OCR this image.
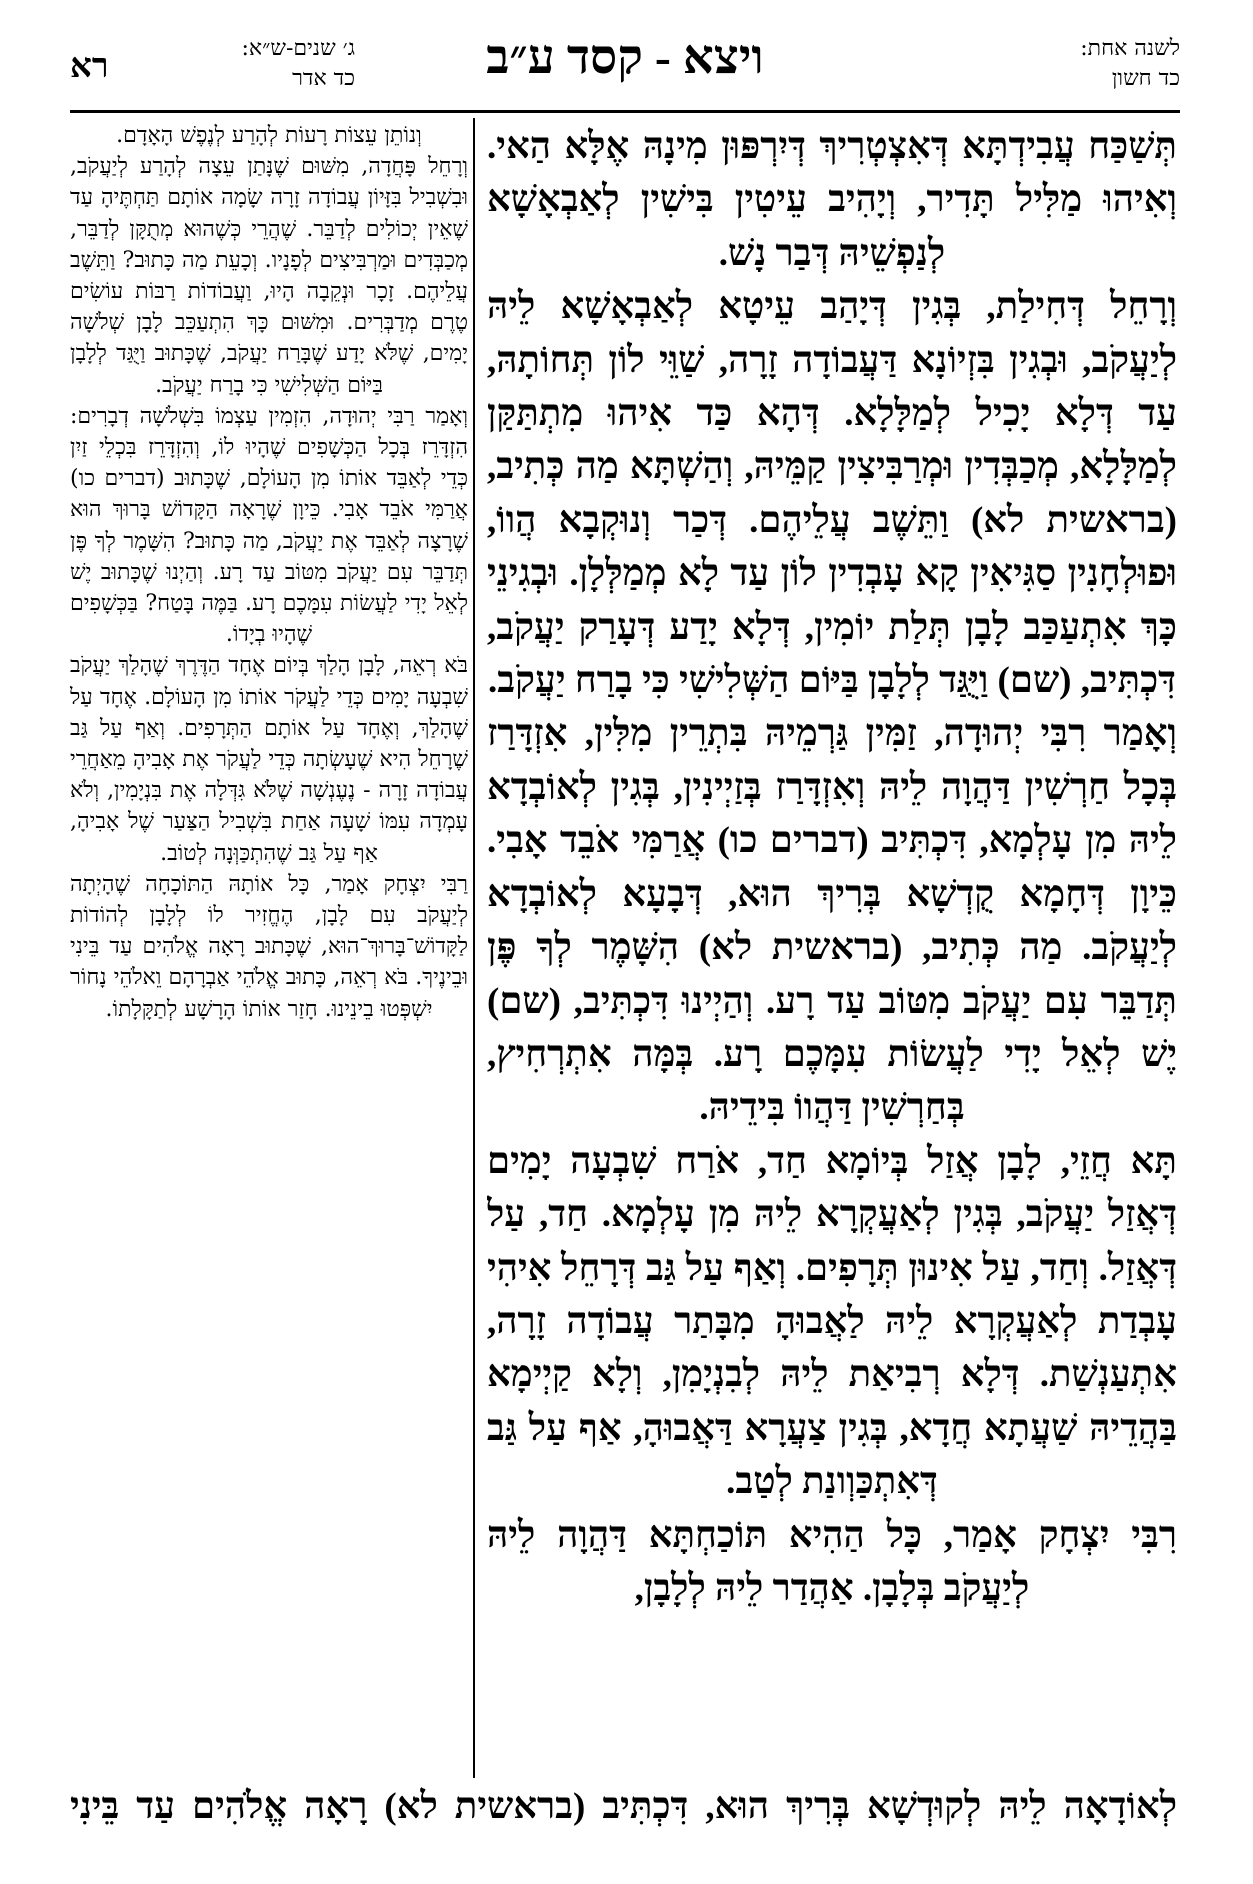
רא	ג׳ שנים-ש״א:
כד אדר	ויצא - קסד ע״ב	לשנה אחת:
כד חשון

תְּשַׁכַּח עֲבִידְתָּא דְּאִצְטְרִיךְ דְּיִרְפּוּן מִינָהּ אֶלָּא הַאי. וְאִיהוּ מַלִּיל תָּדִיר, וְיָהִיב עֵיטִין בִּישִׁין לְאַבְאָשָׁא לְנַפְשֵׁיהּ דְּבַר נָשׁ.

וְרָחֵל דְּחִילַת, בְּגִין דְּיָהַב עֵיטָא לְאַבְאָשָׁא לֵיהּ לְיַעֲקֹב, וּבְגִין בִּזְיוֹנָא דַּעֲבוֹדָה זָרָה, שַׁוֵּי לוֹן תְּחוֹתָהּ, עַד דְּלָא יָכִיל לְמַלָּלָא. דְּהָא כַּד אִיהוּ מִתְתַּקַּן לְמַלָּלָא, מְכַבְּדִין וּמְרַבִּיצִין קַמֵּיהּ, וְהַשְׁתָּא מַה כְּתִיב, (בראשית לא) וַתֵּשֶׁב עֲלֵיהֶם. דְּכַר וְנוּקְבָא הֲווֹ, וּפוּלְחָנִין סַגִּיאִין קָא עָבְדִין לוֹן עַד לָא מְמַלְּלָן. וּבְגִינֵי כָּךְ אִתְעַכַּב לָבָן תְּלַת יוֹמִין, דְּלָא יָדַע דְּעָרַק יַעֲקֹב, דִּכְתִּיב, (שם) וַיֻּגַּד לְלָבָן בַּיּוֹם הַשְּׁלִישִׁי כִּי בָרַח יַעֲקֹב.

וְאָמַר רִבִּי יְהוּדָה, זַמִּין גַּרְמֵיהּ בִּתְרֵין מִלִּין, אִזְדָּרַז בְּכָל חַרְשִׁין דַּהֲוָה לֵיהּ וְאִזְדָּרַז בְּזַיְינִין, בְּגִין לְאוֹבְדָא לֵיהּ מִן עָלְמָא, דִּכְתִּיב (דברים כו) אֲרַמִּי אֹבֵד אָבִי. כֵּיוָן דְּחָמָא קֻדְשָׁא בְּרִיךְ הוּא, דְּבָעָא לְאוֹבְדָא לְיַעֲקֹב. מַה כְּתִיב, (בראשית לא) הִשָּׁמֶר לְךָ פֶּן תְּדַבֵּר עִם יַעֲקֹב מִטּוֹב עַד רָע. וְהַיְינוּ דִּכְתִּיב, (שם) יֶשׁ לְאֵל יָדִי לַעֲשׂוֹת עִמָּכֶם רָע. בְּמָּה אִתְרְחִיץ, בְּחַרְשִׁין דַּהֲווֹ בִּידֵיהּ.

תָּא חֲזֵי, לָבָן אֲזַל בְּיוֹמָא חַד, אֹרַח שִׁבְעָה יָמִים דְּאֲזַל יַעֲקֹב, בְּגִין לְאַעֲקְרָא לֵיהּ מִן עָלְמָא. חַד, עַל דְּאֲזַל. וְחַד, עַל אִינוּן תְּרָפִים. וְאַף עַל גַּב דְּרָחֵל אִיהִי עָבְדַת לְאַעֲקְרָא לֵיהּ לַאֲבוּהָ מִבָּתַר עֲבוֹדָה זָרָה, אִתְעַנְשַׁת. דְּלָא רְבִיאַת לֵיהּ לְבִנְיָמִן, וְלָא קַיְימָא בַּהֲדֵיהּ שַׁעֲתָא חֲדָא, בְּגִין צַעֲרָא דַּאֲבוּהָ, אַף עַל גַּב דְּאִתְכַּוְונַת לְטַב.

רִבִּי יִצְחָק אָמַר, כָּל הַהִיא תּוֹכַחְתָּא דַּהֲוָה לֵיהּ לְיַעֲקֹב בְּלָבָן. אַהֲדַר לֵיהּ לְלָבָן,

וְנוֹתֵן עֵצוֹת רָעוֹת לְהָרַע לְנֶפֶשׁ הָאָדָם.

וְרָחֵל פָּחֲדָה, מִשּׁוּם שֶׁנָּתַן עֵצָה לְהָרַע לְיַעֲקֹב, וּבִשְׁבִיל בִּזָּיוֹן עֲבוֹדָה זָרָה שָׂמָה אוֹתָם תַּחְתֶּיהָ עַד שֶׁאֵין יְכוֹלִים לְדַבֵּר. שֶׁהֲרֵי כְּשֶׁהוּא מְתֻקָּן לְדַבֵּר, מְכַבְּדִים וּמַרְבִּיצִים לְפָנָיו. וְכָעֵת מַה כָּתוּב? וַתֵּשֶׁב עֲלֵיהֶם. זָכָר וּנְקֵבָה הָיוּ, וַעֲבוֹדוֹת רַבּוֹת עוֹשִׂים טֶרֶם מְדַבְּרִים. וּמִשּׁוּם כָּךְ הִתְעַכֵּב לָבָן שְׁלֹשָׁה יָמִים, שֶׁלֹּא יָדַע שֶׁבָּרַח יַעֲקֹב, שֶׁכָּתוּב וַיֻּגַּד לְלָבָן בַּיּוֹם הַשְּׁלִישִׁי כִּי בָרַח יַעֲקֹב.

וְאָמַר רַבִּי יְהוּדָה, הִזְמִין עַצְמוֹ בִּשְׁלֹשָׁה דְבָרִים: הִזְדָּרֵז בְּכָל הַכְּשָׁפִים שֶׁהָיוּ לוֹ, וְהִזְדָּרֵז בִּכְלֵי זַיִן כְּדֵי לְאַבֵּד אוֹתוֹ מִן הָעוֹלָם, שֶׁכָּתוּב (דברים כו) אֲרַמִּי אֹבֵד אָבִי. כֵּיוָן שֶׁרָאָה הַקָּדוֹשׁ בָּרוּךְ הוּא שֶׁרָצָה לְאַבֵּד אֶת יַעֲקֹב, מַה כָּתוּב? הִשָּׁמֶר לְךָ פֶּן תְּדַבֵּר עִם יַעֲקֹב מִטּוֹב עַד רָע. וְהַיְנוּ שֶׁכָּתוּב יֶשׁ לְאֵל יָדִי לַעֲשׂוֹת עִמָּכֶם רָע. בַּמֶּה בָּטַח? בַּכְּשָׁפִים שֶׁהָיוּ בְיָדוֹ.

בֹּא רְאֵה, לָבָן הָלַךְ בְּיוֹם אֶחָד הַדֶּרֶךְ שֶׁהָלַךְ יַעֲקֹב שִׁבְעָה יָמִים כְּדֵי לַעֲקֹר אוֹתוֹ מִן הָעוֹלָם. אֶחָד עַל שֶׁהָלַךְ, וְאֶחָד עַל אוֹתָם הַתְּרָפִים. וְאַף עַל גַּב שֶׁרָחֵל הִיא שֶׁעָשְׂתָה כְּדֵי לַעֲקֹר אֶת אָבִיהָ מֵאַחֲרֵי עֲבוֹדָה זָרָה - נֶעֶנְשָׁה שֶׁלֹּא גִּדְּלָה אֶת בִּנְיָמִין, וְלֹא עָמְדָה עִמּוֹ שָׁעָה אַחַת בִּשְׁבִיל הַצַּעַר שֶׁל אָבִיהָ, אַף עַל גַּב שֶׁהִתְכַּוְּנָה לְטוֹב.

רַבִּי יִצְחָק אָמַר, כָּל אוֹתָהּ הַתּוֹכָחָה שֶׁהָיְתָה לְיַעֲקֹב עִם לָבָן, הֶחֱזִיר לוֹ לְלָבָן לְהוֹדוֹת לַקָּדוֹשׁ־בָּרוּךְ־הוּא, שֶׁכָּתוּב רָאָה אֱלֹהִים עַד בֵּינִי וּבֵינֶיךָ. בֹּא רְאֵה, כָּתוּב אֱלֹהֵי אַבְרָהָם וֵאלֹהֵי נָחוֹר יִשְׁפְּטוּ בֵינֵינוּ. חָזַר אוֹתוֹ הָרָשָׁע לְתַקָּלָתוֹ.

לְאוֹדָאָה לֵיהּ לְקוּדְשָׁא בְּרִיךְ הוּא, דִּכְתִּיב (בראשית לא) רָאָה אֱלֹהִים עַד בֵּינִי
